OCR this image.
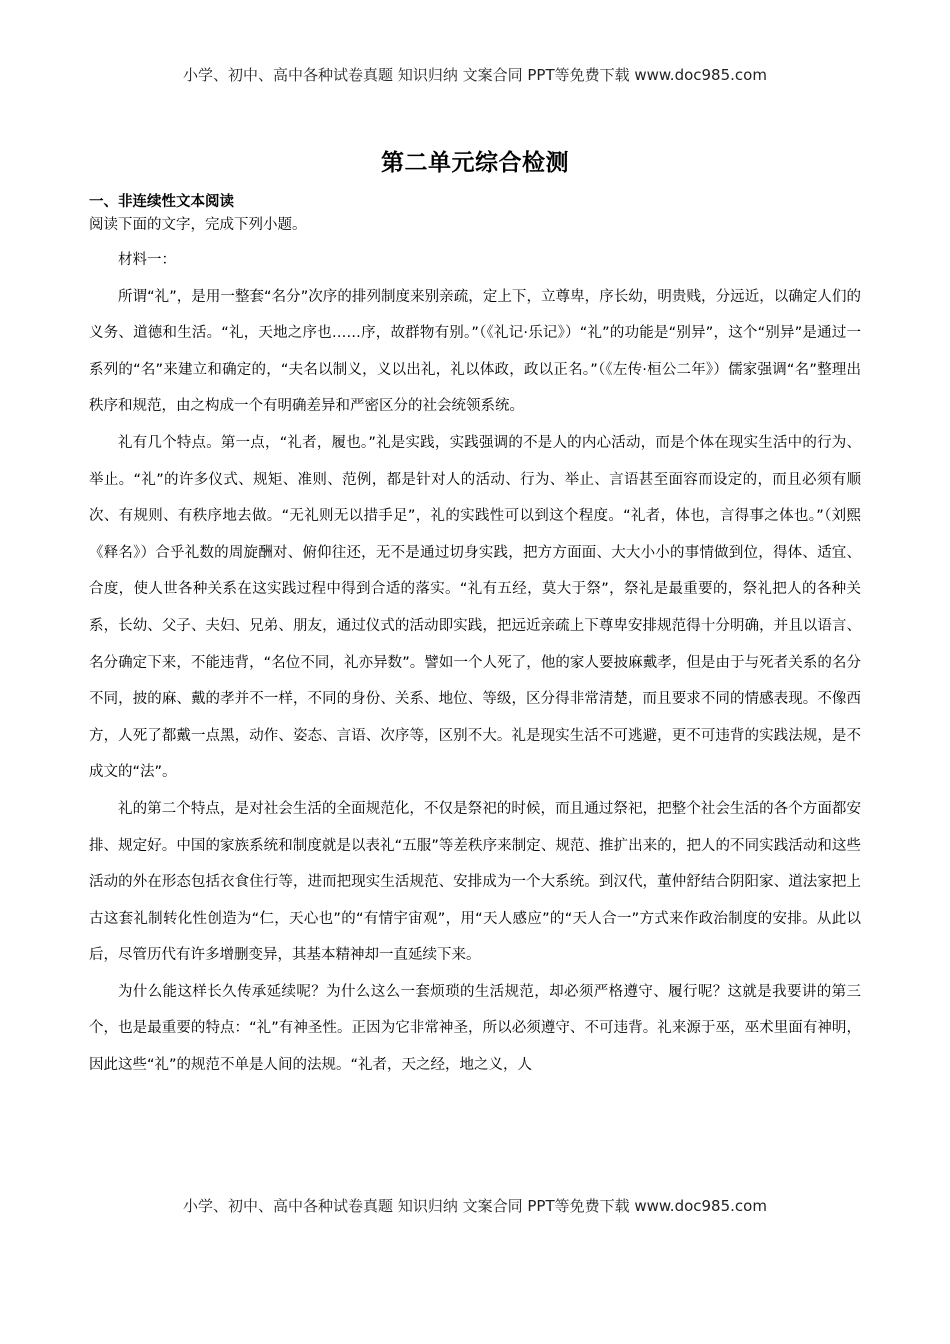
小学、初中、高中各种试卷真题 知识归纳 文案合同 PPT等免费下载 www.doc985.com
第二单元综合检测
一、非连续性文本阅读
阅读下面的文字，完成下列小题。

材料一：

所谓“礼”，是用一整套“名分”次序的排列制度来别亲疏，定上下，立尊卑，序长幼，明贵贱，分远近，以确定人们的义务、道德和生活。“礼，天地之序也……序，故群物有别。”（《礼记·乐记》）“礼”的功能是“别异”，这个“别异”是通过一系列的“名”来建立和确定的，“夫名以制义，义以出礼，礼以体政，政以正名。”（《左传·桓公二年》）儒家强调“名”整理出秩序和规范，由之构成一个有明确差异和严密区分的社会统领系统。

礼有几个特点。第一点，“礼者，履也。”礼是实践，实践强调的不是人的内心活动，而是个体在现实生活中的行为、举止。“礼”的许多仪式、规矩、准则、范例，都是针对人的活动、行为、举止、言语甚至面容而设定的，而且必须有顺次、有规则、有秩序地去做。“无礼则无以措手足”，礼的实践性可以到这个程度。“礼者，体也，言得事之体也。”（刘熙《释名》）合乎礼数的周旋酬对、俯仰往还，无不是通过切身实践，把方方面面、大大小小的事情做到位，得体、适宜、合度，使人世各种关系在这实践过程中得到合适的落实。“礼有五经，莫大于祭”，祭礼是最重要的，祭礼把人的各种关系，长幼、父子、夫妇、兄弟、朋友，通过仪式的活动即实践，把远近亲疏上下尊卑安排规范得十分明确，并且以语言、名分确定下来，不能违背，“名位不同，礼亦异数”。譬如一个人死了，他的家人要披麻戴孝，但是由于与死者关系的名分不同，披的麻、戴的孝并不一样，不同的身份、关系、地位、等级，区分得非常清楚，而且要求不同的情感表现。不像西方，人死了都戴一点黑，动作、姿态、言语、次序等，区别不大。礼是现实生活不可逃避，更不可违背的实践法规，是不成文的“法”。

礼的第二个特点，是对社会生活的全面规范化，不仅是祭祀的时候，而且通过祭祀，把整个社会生活的各个方面都安排、规定好。中国的家族系统和制度就是以表礼“五服”等差秩序来制定、规范、推扩出来的，把人的不同实践活动和这些活动的外在形态包括衣食住行等，进而把现实生活规范、安排成为一个大系统。到汉代，董仲舒结合阴阳家、道法家把上古这套礼制转化性创造为“仁，天心也”的“有情宇宙观”，用“天人感应”的“天人合一”方式来作政治制度的安排。从此以后，尽管历代有许多增删变异，其基本精神却一直延续下来。

为什么能这样长久传承延续呢？为什么这么一套烦琐的生活规范，却必须严格遵守、履行呢？这就是我要讲的第三个，也是最重要的特点：“礼”有神圣性。正因为它非常神圣，所以必须遵守、不可违背。礼来源于巫，巫术里面有神明，因此这些“礼”的规范不单是人间的法规。“礼者，天之经，地之义，人

小学、初中、高中各种试卷真题 知识归纳 文案合同 PPT等免费下载 www.doc985.com
